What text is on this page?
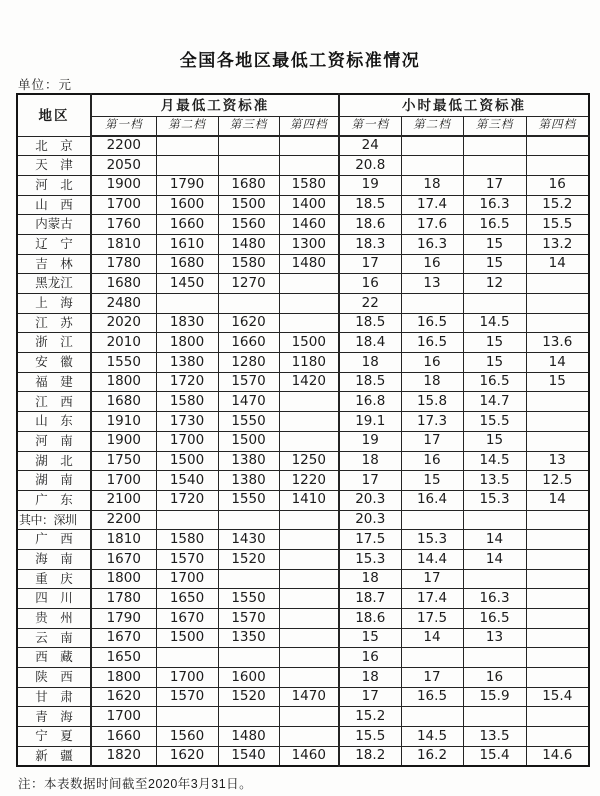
全国各地区最低工资标准情况
单位：元
地区	月最低工资标准				小时最低工资标准			
	第一档	第二档	第三档	第四档	第一档	第二档	第三档	第四档
北　京	2200				24			
天　津	2050				20.8			
河　北	1900	1790	1680	1580	19	18	17	16
山　西	1700	1600	1500	1400	18.5	17.4	16.3	15.2
内蒙古	1760	1660	1560	1460	18.6	17.6	16.5	15.5
辽　宁	1810	1610	1480	1300	18.3	16.3	15	13.2
吉　林	1780	1680	1580	1480	17	16	15	14
黑龙江	1680	1450	1270		16	13	12	
上　海	2480				22			
江　苏	2020	1830	1620		18.5	16.5	14.5	
浙　江	2010	1800	1660	1500	18.4	16.5	15	13.6
安　徽	1550	1380	1280	1180	18	16	15	14
福　建	1800	1720	1570	1420	18.5	18	16.5	15
江　西	1680	1580	1470		16.8	15.8	14.7	
山　东	1910	1730	1550		19.1	17.3	15.5	
河　南	1900	1700	1500		19	17	15	
湖　北	1750	1500	1380	1250	18	16	14.5	13
湖　南	1700	1540	1380	1220	17	15	13.5	12.5
广　东	2100	1720	1550	1410	20.3	16.4	15.3	14
其中：深圳	2200				20.3			
广　西	1810	1580	1430		17.5	15.3	14	
海　南	1670	1570	1520		15.3	14.4	14	
重　庆	1800	1700			18	17		
四　川	1780	1650	1550		18.7	17.4	16.3	
贵　州	1790	1670	1570		18.6	17.5	16.5	
云　南	1670	1500	1350		15	14	13	
西　藏	1650				16			
陕　西	1800	1700	1600		18	17	16	
甘　肃	1620	1570	1520	1470	17	16.5	15.9	15.4
青　海	1700				15.2			
宁　夏	1660	1560	1480		15.5	14.5	13.5	
新　疆	1820	1620	1540	1460	18.2	16.2	15.4	14.6
注：本表数据时间截至2020年3月31日。
